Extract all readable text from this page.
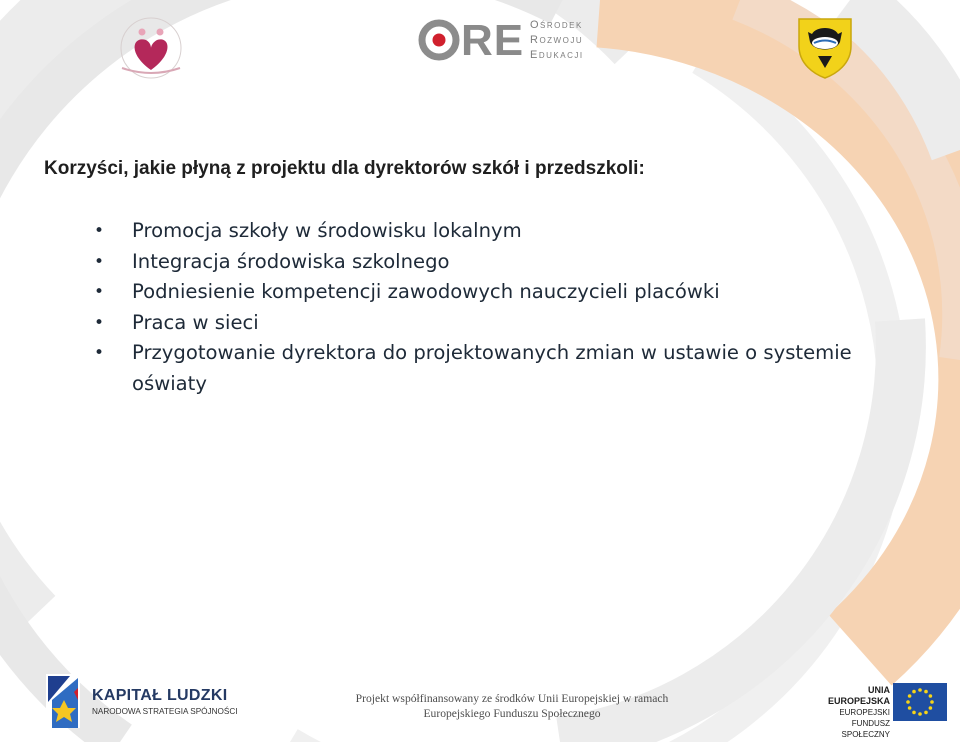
RE Ośrodek
Rozwoju
Edukacji
Korzyści, jakie płyną z projektu dla dyrektorów szkół i przedszkoli:
• Promocja szkoły w środowisku lokalnym
• Integracja środowiska szkolnego
• Podniesienie kompetencji zawodowych nauczycieli placówki
• Praca w sieci
• Przygotowanie dyrektora do projektowanych zmian w ustawie o systemie oświaty
KAPITAŁ LUDZKI
NARODOWA STRATEGIA SPÓJNOŚCI
Projekt współfinansowany ze środków Unii Europejskiej w ramach
Europejskiego Funduszu Społecznego
UNIA EUROPEJSKA
EUROPEJSKI
FUNDUSZ SPOŁECZNY
